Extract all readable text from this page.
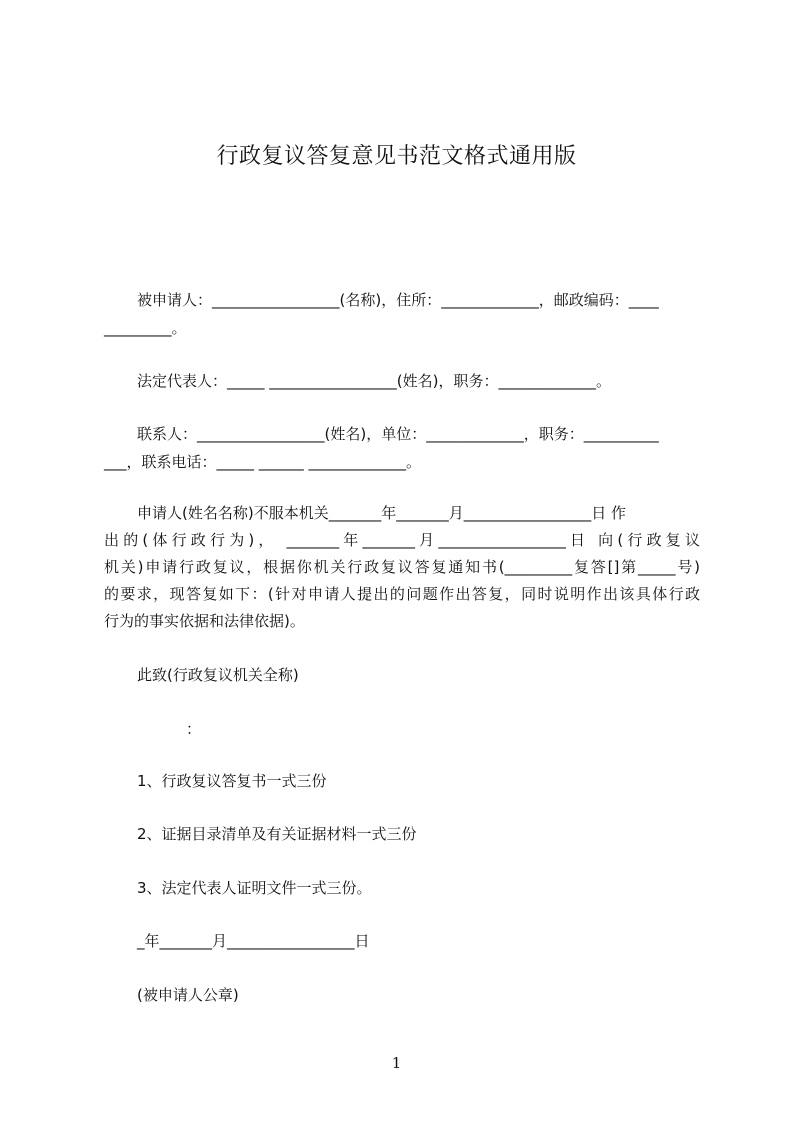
行政复议答复意见书范文格式通用版
被申请人：_________________(名称)，住所：_____________，邮政编码：____
_________。
法定代表人：_____ _________________(姓名)，职务：_____________。
联系人：_________________(姓名)，单位：_____________，职务：__________
___，联系电话：_____ ______ _____________。
申请人(姓名名称)不服本机关_______年_______月_________________日 作
出的(体行政行为)， _______年_______月_________________日 向(行政复议
机关)申请行政复议，根据你机关行政复议答复通知书(_________复答[]第_____号)
的要求，现答复如下：(针对申请人提出的问题作出答复，同时说明作出该具体行政
行为的事实依据和法律依据)。
此致(行政复议机关全称)
：
1、行政复议答复书一式三份
2、证据目录清单及有关证据材料一式三份
3、法定代表人证明文件一式三份。
_年_______月_________________日
(被申请人公章)
1
